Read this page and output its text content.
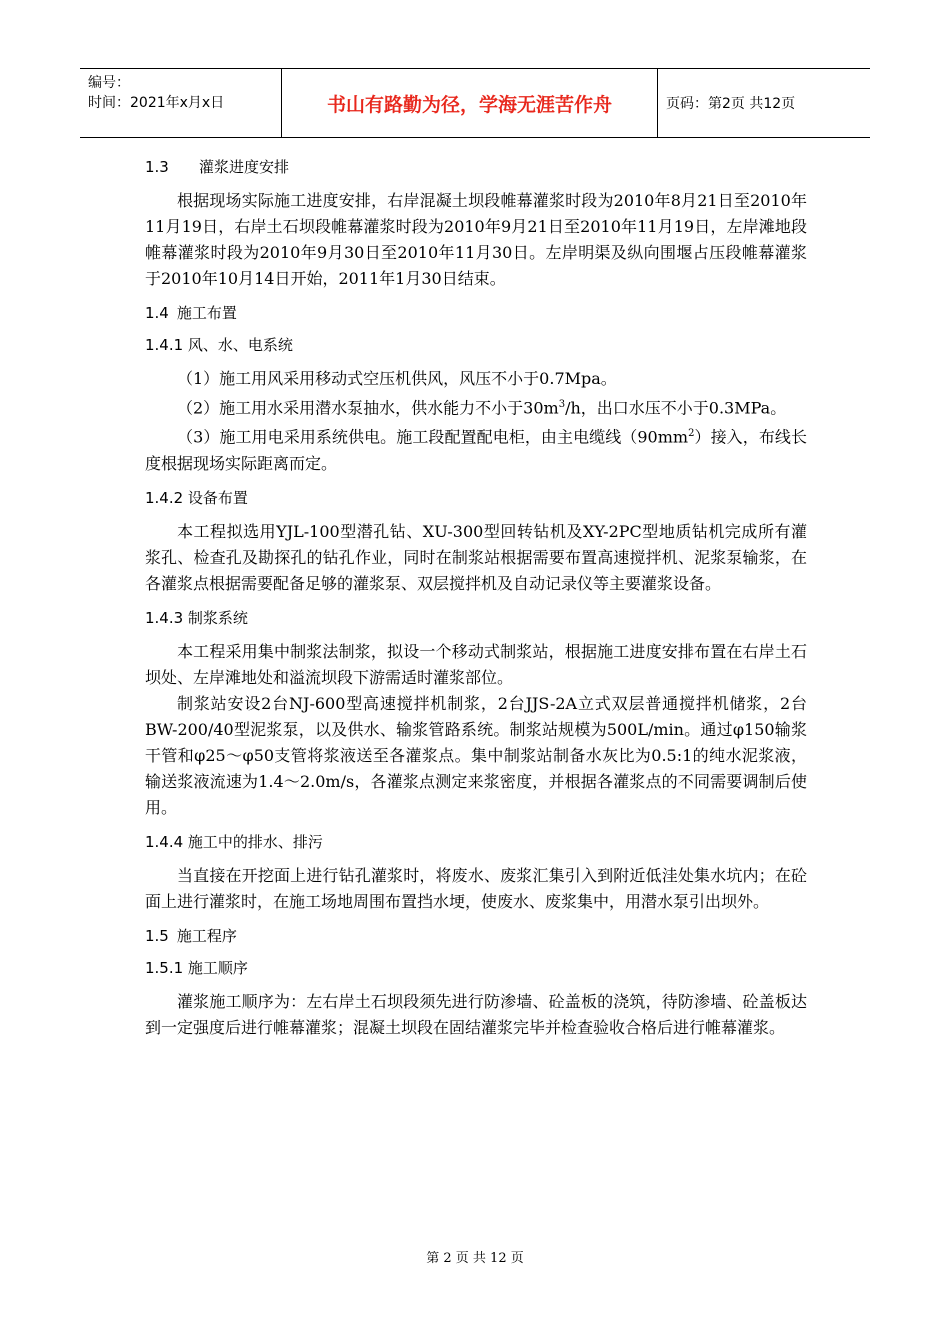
编号：
时间：2021年x月x日	书山有路勤为径，学海无涯苦作舟	页码：第2页 共12页
1.3 灌浆进度安排

根据现场实际施工进度安排，右岸混凝土坝段帷幕灌浆时段为2010年8月21日至2010年11月19日，右岸土石坝段帷幕灌浆时段为2010年9月21日至2010年11月19日，左岸滩地段帷幕灌浆时段为2010年9月30日至2010年11月30日。左岸明渠及纵向围堰占压段帷幕灌浆于2010年10月14日开始，2011年1月30日结束。

1.4 施工布置
1.4.1 风、水、电系统

（1）施工用风采用移动式空压机供风，风压不小于0.7Mpa。

（2）施工用水采用潜水泵抽水，供水能力不小于$30m^3/h$，出口水压不小于0.3MPa。

（3）施工用电采用系统供电。施工段配置配电柜，由主电缆线$(90mm^2)$接入，布线长度根据现场实际距离而定。

1.4.2 设备布置

本工程拟选用YJL-100型潜孔钻、XU-300型回转钻机及XY-2PC型地质钻机完成所有灌浆孔、检查孔及勘探孔的钻孔作业，同时在制浆站根据需要布置高速搅拌机、泥浆泵输浆，在各灌浆点根据需要配备足够的灌浆泵、双层搅拌机及自动记录仪等主要灌浆设备。

1.4.3 制浆系统

本工程采用集中制浆法制浆，拟设一个移动式制浆站，根据施工进度安排布置在右岸土石坝处、左岸滩地处和溢流坝段下游需适时灌浆部位。

制浆站安设2台NJ-600型高速搅拌机制浆，2台JJS-2A立式双层普通搅拌机储浆，2台BW-200/40型泥浆泵，以及供水、输浆管路系统。制浆站规模为500L/min。通过φ150输浆干管和φ25～φ50支管将浆液送至各灌浆点。集中制浆站制备水灰比为0.5:1的纯水泥浆液，输送浆液流速为1.4～2.0m/s，各灌浆点测定来浆密度，并根据各灌浆点的不同需要调制后使用。

1.4.4 施工中的排水、排污

当直接在开挖面上进行钻孔灌浆时，将废水、废浆汇集引入到附近低洼处集水坑内；在砼面上进行灌浆时，在施工场地周围布置挡水埂，使废水、废浆集中，用潜水泵引出坝外。

1.5 施工程序
1.5.1 施工顺序

灌浆施工顺序为：左右岸土石坝段须先进行防渗墙、砼盖板的浇筑，待防渗墙、砼盖板达到一定强度后进行帷幕灌浆；混凝土坝段在固结灌浆完毕并检查验收合格后进行帷幕灌浆。

第 2 页 共 12 页
